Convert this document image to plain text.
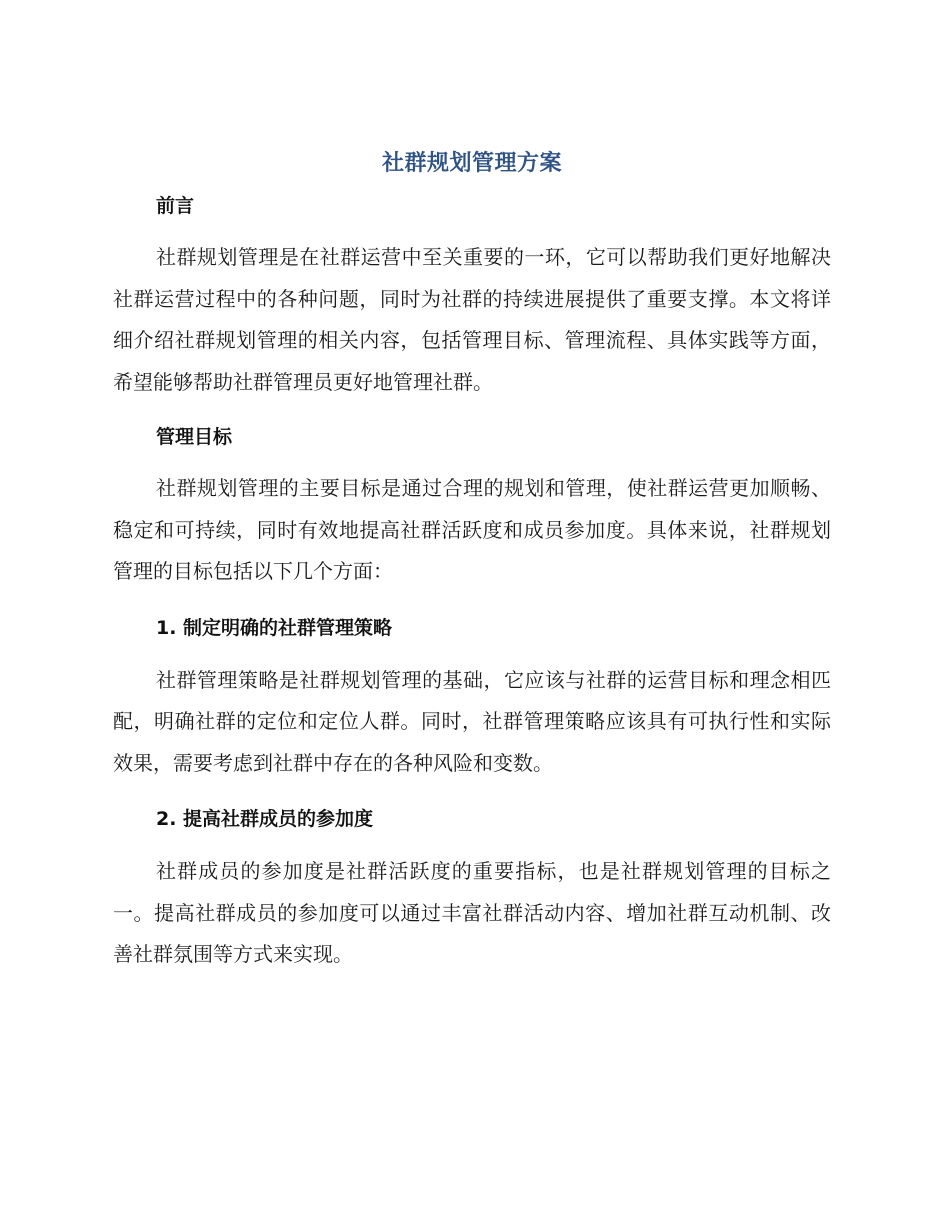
社群规划管理方案
前言

社群规划管理是在社群运营中至关重要的一环，它可以帮助我们更好地解决社群运营过程中的各种问题，同时为社群的持续进展提供了重要支撑。本文将详细介绍社群规划管理的相关内容，包括管理目标、管理流程、具体实践等方面，希望能够帮助社群管理员更好地管理社群。

管理目标

社群规划管理的主要目标是通过合理的规划和管理，使社群运营更加顺畅、稳定和可持续，同时有效地提高社群活跃度和成员参加度。具体来说，社群规划管理的目标包括以下几个方面：

1. 制定明确的社群管理策略

社群管理策略是社群规划管理的基础，它应该与社群的运营目标和理念相匹配，明确社群的定位和定位人群。同时，社群管理策略应该具有可执行性和实际效果，需要考虑到社群中存在的各种风险和变数。

2. 提高社群成员的参加度

社群成员的参加度是社群活跃度的重要指标，也是社群规划管理的目标之一。提高社群成员的参加度可以通过丰富社群活动内容、增加社群互动机制、改善社群氛围等方式来实现。
